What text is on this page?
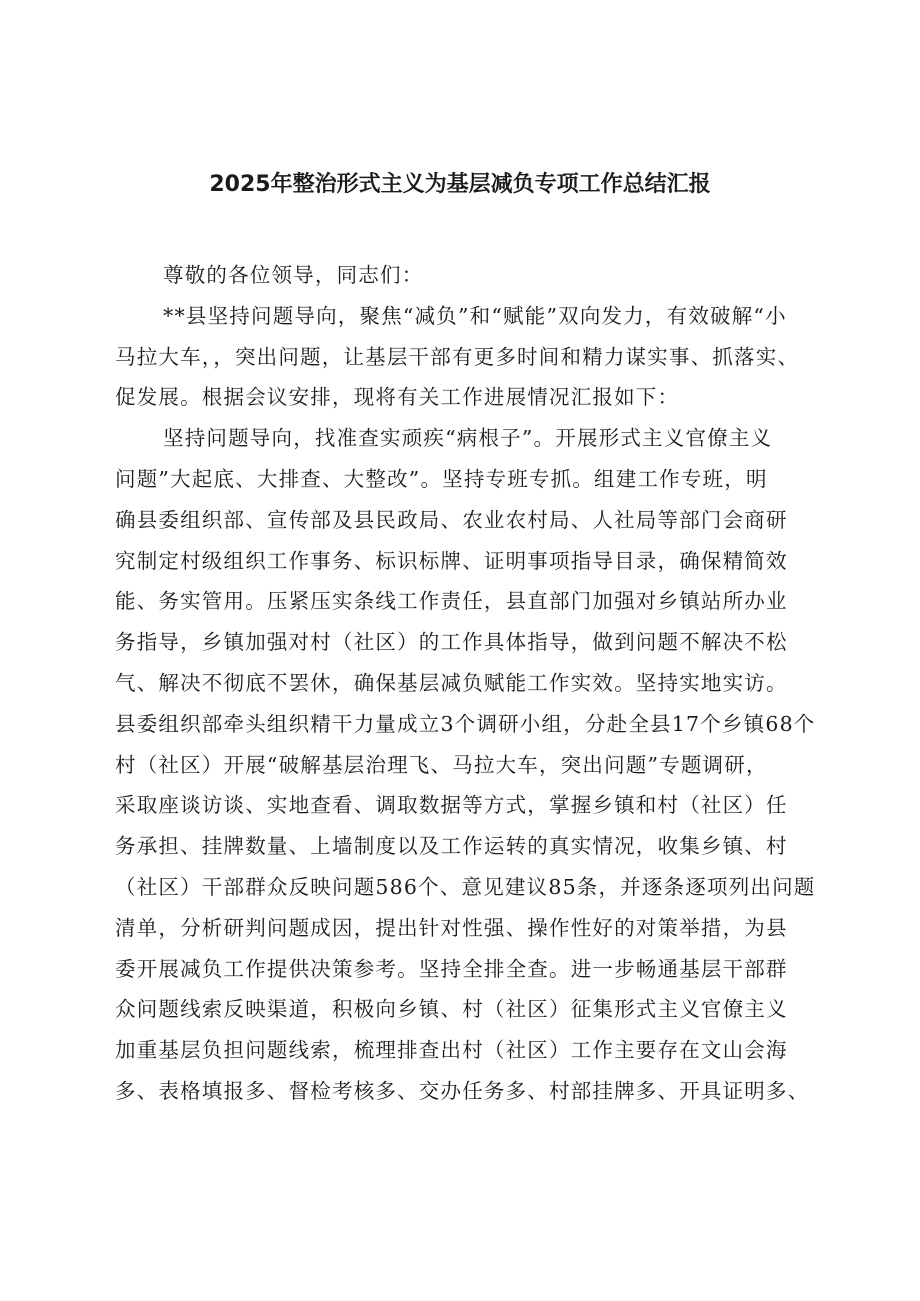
2025年整治形式主义为基层减负专项工作总结汇报
尊敬的各位领导，同志们：
**县坚持问题导向，聚焦“减负”和“赋能”双向发力，有效破解“小
马拉大车，，突出问题，让基层干部有更多时间和精力谋实事、抓落实、
促发展。根据会议安排，现将有关工作进展情况汇报如下：
坚持问题导向，找准查实顽疾“病根子”。开展形式主义官僚主义
问题”大起底、大排查、大整改”。坚持专班专抓。组建工作专班，明
确县委组织部、宣传部及县民政局、农业农村局、人社局等部门会商研
究制定村级组织工作事务、标识标牌、证明事项指导目录，确保精简效
能、务实管用。压紧压实条线工作责任，县直部门加强对乡镇站所办业
务指导，乡镇加强对村（社区）的工作具体指导，做到问题不解决不松
气、解决不彻底不罢休，确保基层减负赋能工作实效。坚持实地实访。
县委组织部牵头组织精干力量成立3个调研小组，分赴全县17个乡镇68个
村（社区）开展“破解基层治理飞、马拉大车，突出问题”专题调研，
采取座谈访谈、实地查看、调取数据等方式，掌握乡镇和村（社区）任
务承担、挂牌数量、上墙制度以及工作运转的真实情况，收集乡镇、村
（社区）干部群众反映问题586个、意见建议85条，并逐条逐项列出问题
清单，分析研判问题成因，提出针对性强、操作性好的对策举措，为县
委开展减负工作提供决策参考。坚持全排全查。进一步畅通基层干部群
众问题线索反映渠道，积极向乡镇、村（社区）征集形式主义官僚主义
加重基层负担问题线索，梳理排查出村（社区）工作主要存在文山会海
多、表格填报多、督检考核多、交办任务多、村部挂牌多、开具证明多、
